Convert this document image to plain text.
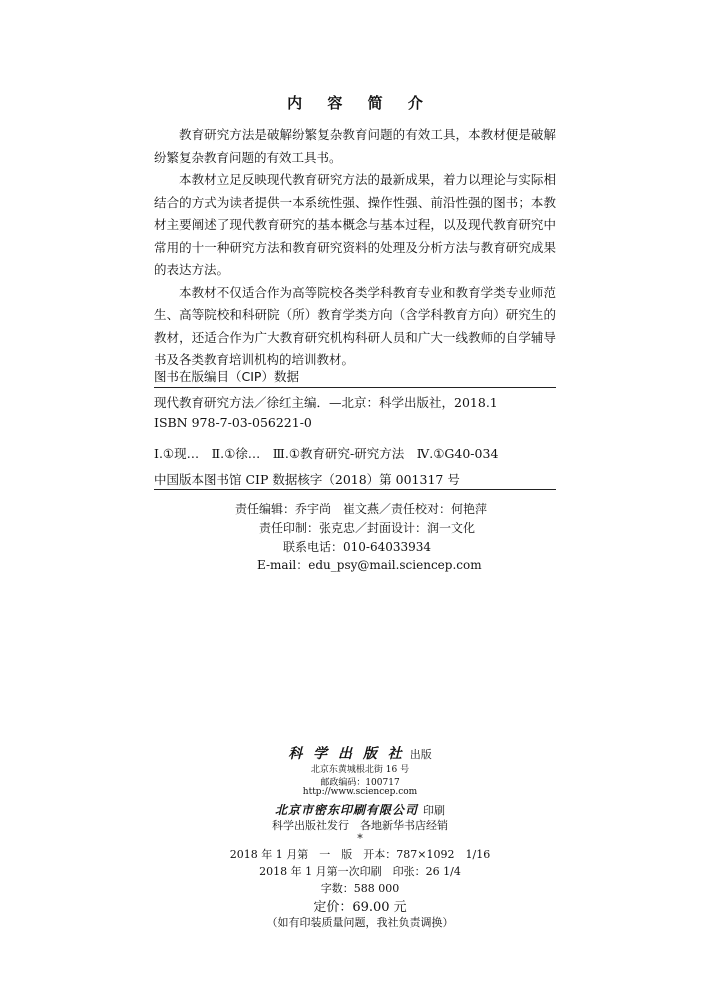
内 容 简 介

教育研究方法是破解纷繁复杂教育问题的有效工具，本教材便是破解纷繁复杂教育问题的有效工具书。

本教材立足反映现代教育研究方法的最新成果，着力以理论与实际相结合的方式为读者提供一本系统性强、操作性强、前沿性强的图书；本教材主要阐述了现代教育研究的基本概念与基本过程，以及现代教育研究中常用的十一种研究方法和教育研究资料的处理及分析方法与教育研究成果的表达方法。

本教材不仅适合作为高等院校各类学科教育专业和教育学类专业师范生、高等院校和科研院（所）教育学类方向（含学科教育方向）研究生的教材，还适合作为广大教育研究机构科研人员和广大一线教师的自学辅导书及各类教育培训机构的培训教材。

图书在版编目（CIP）数据
现代教育研究方法／徐红主编．—北京：科学出版社，2018.1
ISBN 978-7-03-056221-0
Ⅰ.①现…　Ⅱ.①徐…　Ⅲ.①教育研究-研究方法　Ⅳ.①G40-034
中国版本图书馆 CIP 数据核字（2018）第 001317 号
责任编辑：乔宇尚　崔文燕／责任校对：何艳萍
责任印制：张克忠／封面设计：润一文化
联系电话：010-64033934
E-mail：edu_psy@mail.sciencep.com
科 学 出 版 社 出版
北京东黄城根北街 16 号
邮政编码：100717
http://www.sciencep.com
北京市密东印刷有限公司 印刷
科学出版社发行　各地新华书店经销
*
2018 年 1 月第　一　版　开本：787×1092　1/16
2018 年 1 月第一次印刷　印张：26 1/4
字数：588 000
定价：69.00 元
（如有印装质量问题，我社负责调换）
